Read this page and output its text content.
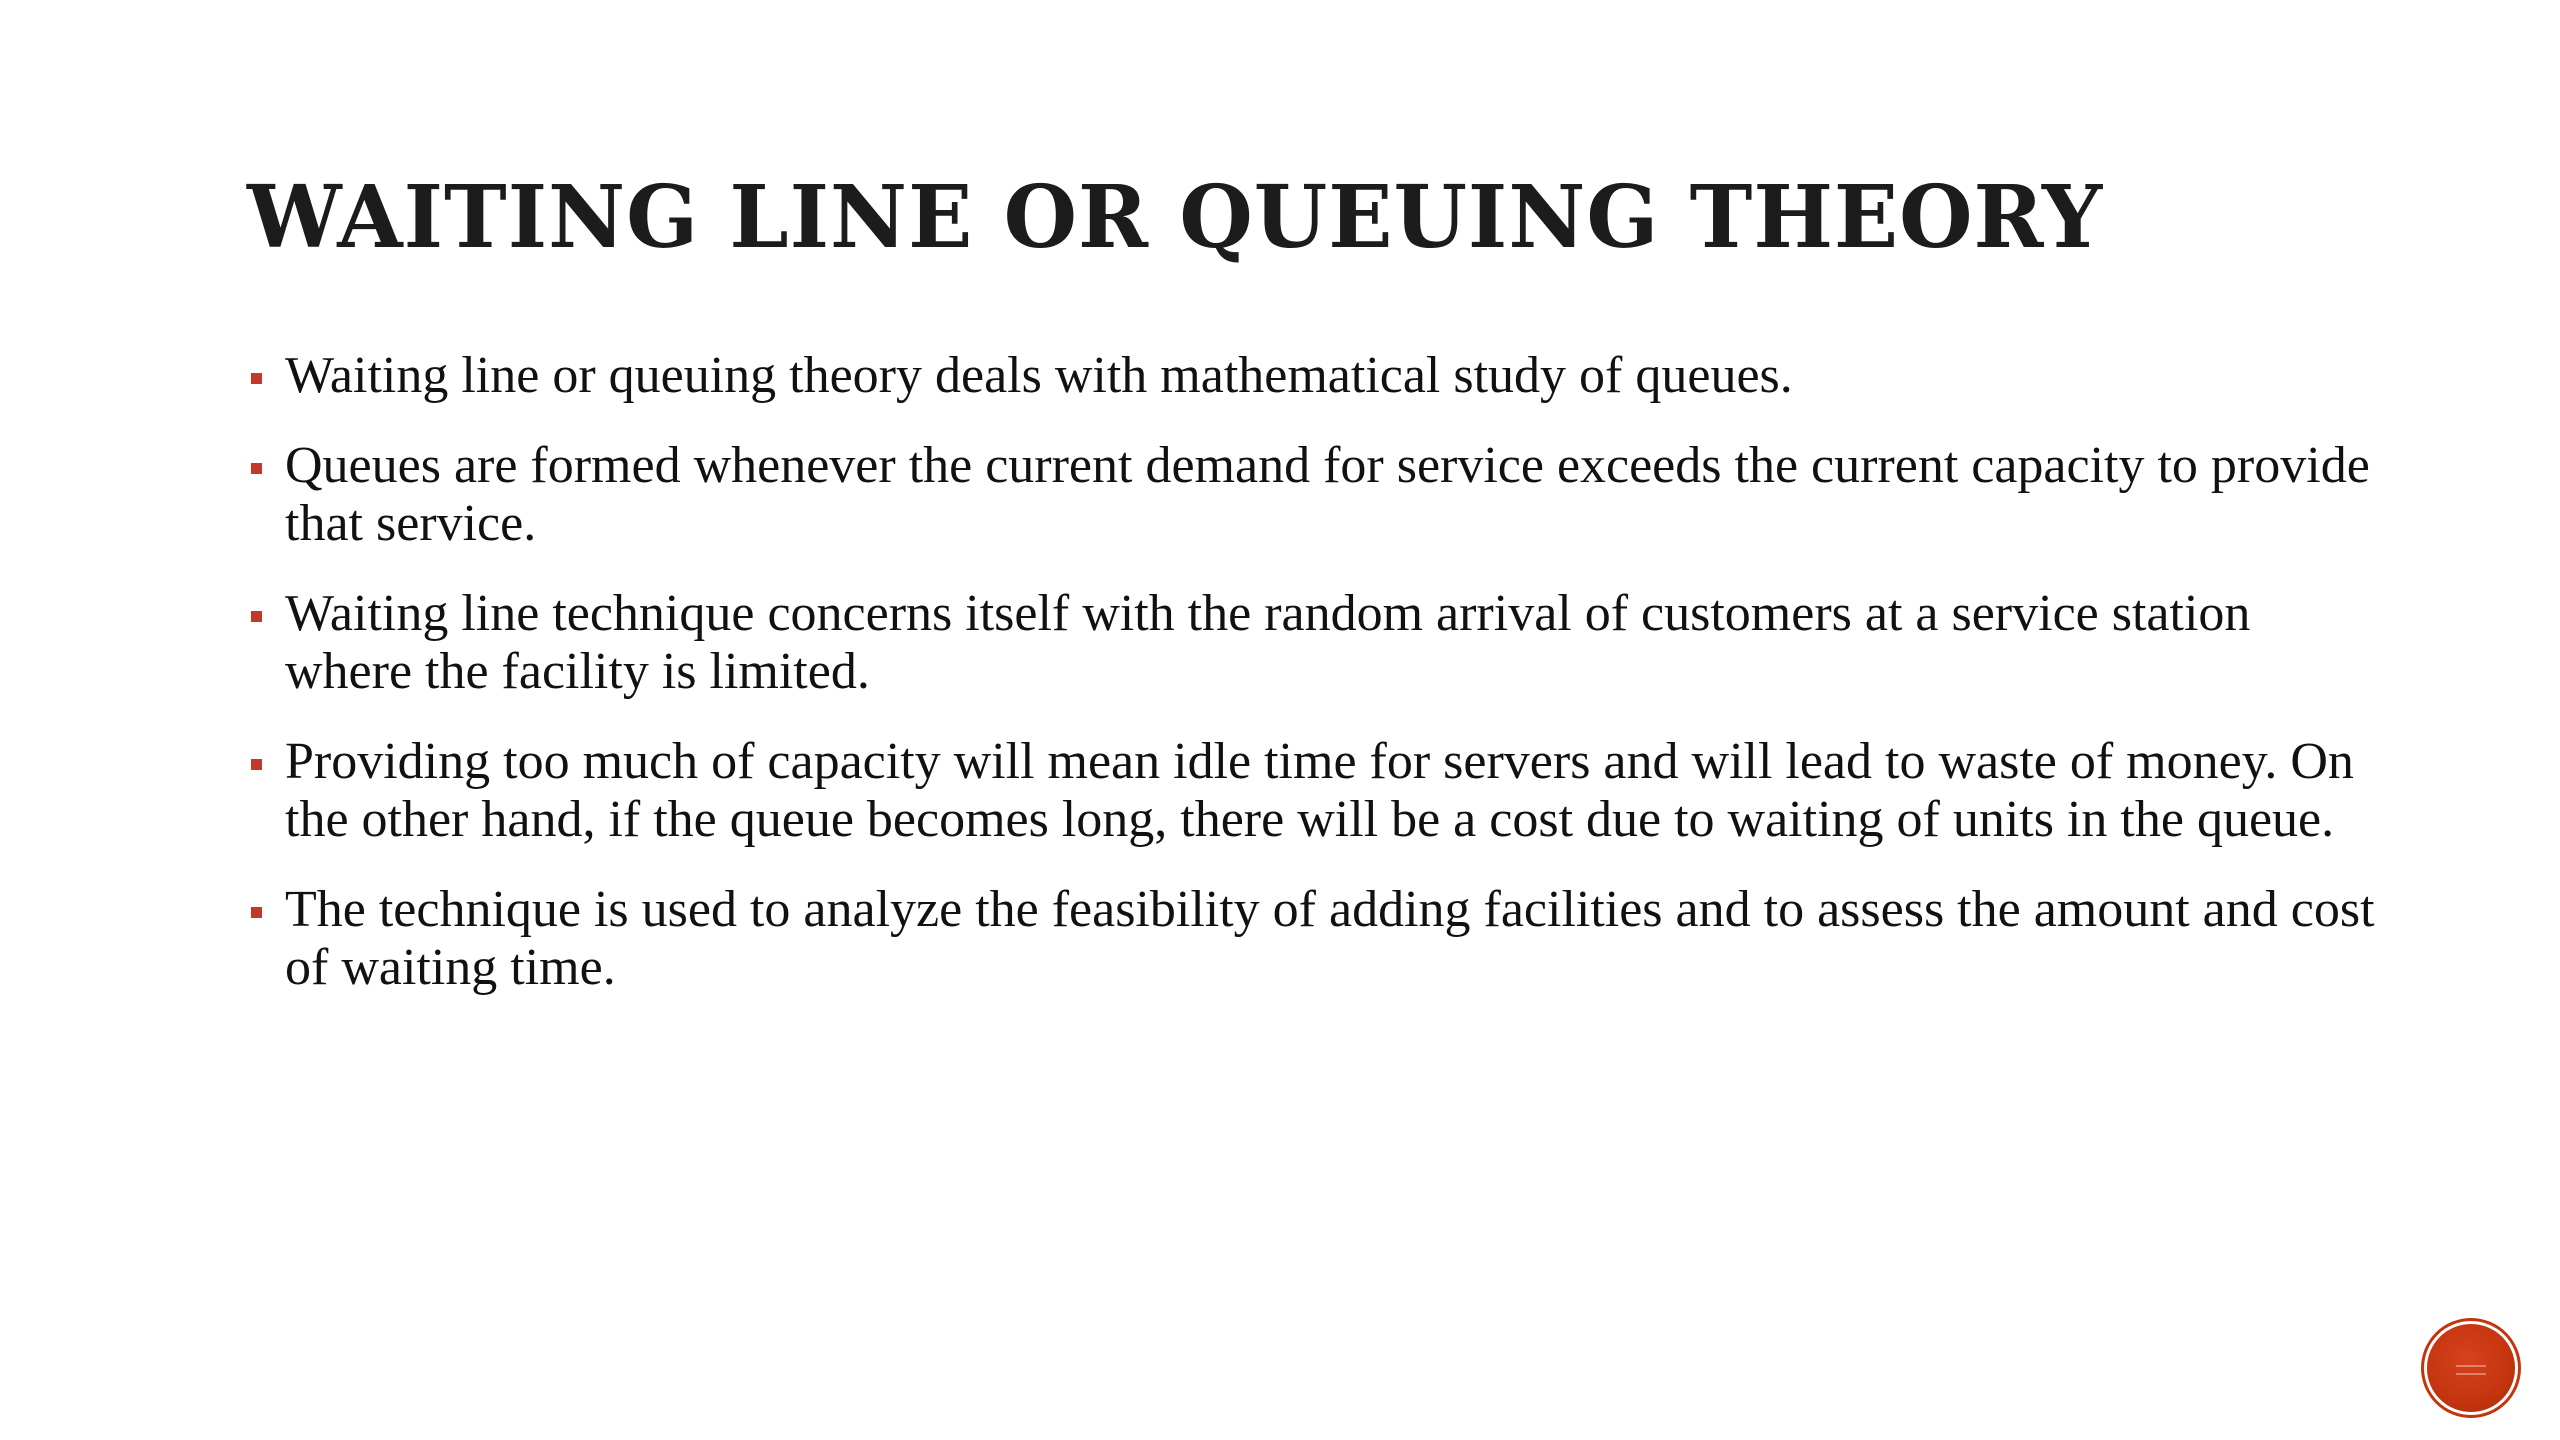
WAITING LINE OR QUEUING THEORY
Waiting line or queuing theory deals with mathematical study of queues.
Queues are formed whenever the current demand for service exceeds the current capacity to provide that service.
Waiting line technique concerns itself with the random arrival of customers at a service station where the facility is limited.
Providing too much of capacity will mean idle time for servers and will lead to waste of money. On the other hand, if the queue becomes long, there will be a cost due to waiting of units in the queue.
The technique is used to analyze the feasibility of adding facilities and to assess the amount and cost of waiting time.
